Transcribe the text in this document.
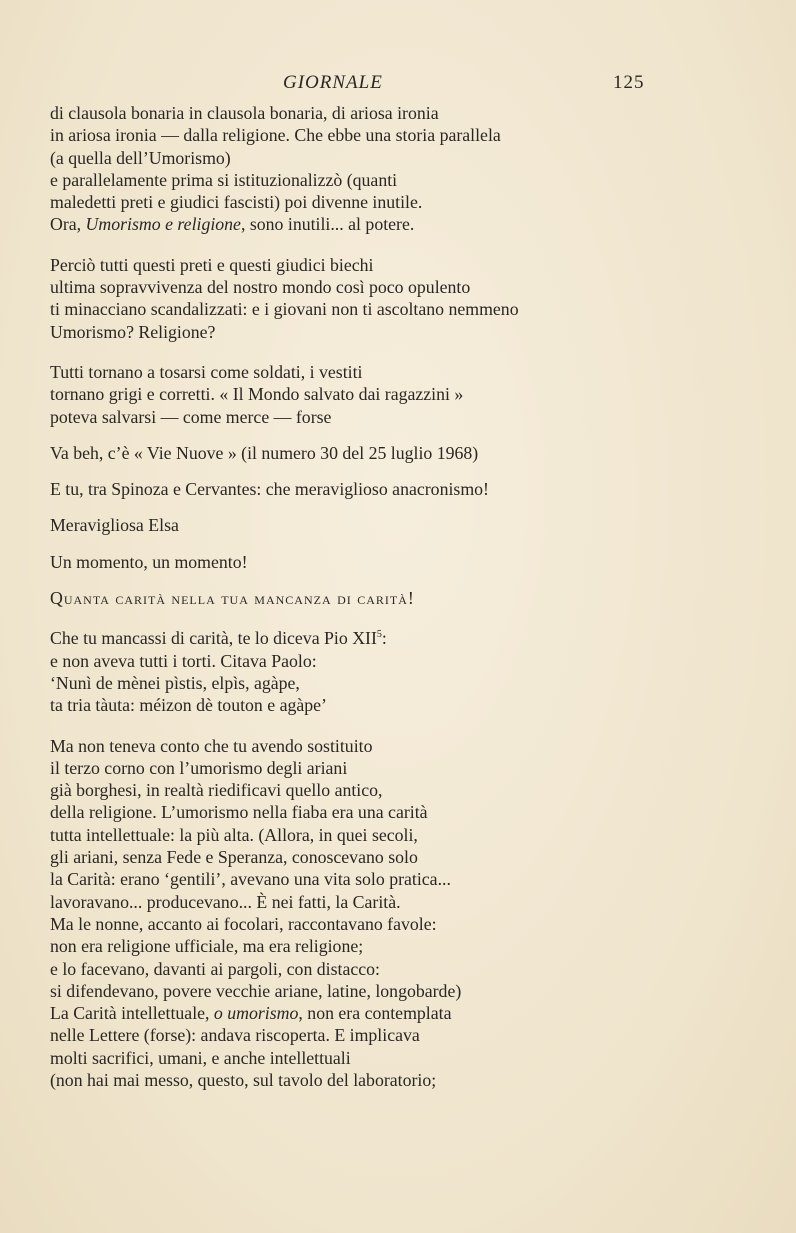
GIORNALE	125
di clausola bonaria in clausola bonaria, di ariosa ironia
in ariosa ironia — dalla religione. Che ebbe una storia parallela
(a quella dell’Umorismo)
e parallelamente prima si istituzionalizzò (quanti
maledetti preti e giudici fascisti) poi divenne inutile.
Ora, Umorismo e religione, sono inutili... al potere.
Perciò tutti questi preti e questi giudici biechi
ultima sopravvivenza del nostro mondo così poco opulento
ti minacciano scandalizzati: e i giovani non ti ascoltano nemmeno
Umorismo? Religione?
Tutti tornano a tosarsi come soldati, i vestiti
tornano grigi e corretti. « Il Mondo salvato dai ragazzini »
poteva salvarsi — come merce — forse
Va beh, c’è « Vie Nuove » (il numero 30 del 25 luglio 1968)
E tu, tra Spinoza e Cervantes: che meraviglioso anacronismo!
Meravigliosa Elsa
Un momento, un momento!
Quanta carità nella tua mancanza di carità!
Che tu mancassi di carità, te lo diceva Pio XII$^5$:
e non aveva tutti i torti. Citava Paolo:
‘Nunì de mènei pìstis, elpìs, agàpe,
ta tria tàuta: méizon dè touton e agàpe’
Ma non teneva conto che tu avendo sostituito
il terzo corno con l’umorismo degli ariani
già borghesi, in realtà riedificavi quello antico,
della religione. L’umorismo nella fiaba era una carità
tutta intellettuale: la più alta. (Allora, in quei secoli,
gli ariani, senza Fede e Speranza, conoscevano solo
la Carità: erano ‘gentili’, avevano una vita solo pratica...
lavoravano... producevano... È nei fatti, la Carità.
Ma le nonne, accanto ai focolari, raccontavano favole:
non era religione ufficiale, ma era religione;
e lo facevano, davanti ai pargoli, con distacco:
si difendevano, povere vecchie ariane, latine, longobarde)
La Carità intellettuale, o umorismo, non era contemplata
nelle Lettere (forse): andava riscoperta. E implicava
molti sacrifici, umani, e anche intellettuali
(non hai mai messo, questo, sul tavolo del laboratorio;
